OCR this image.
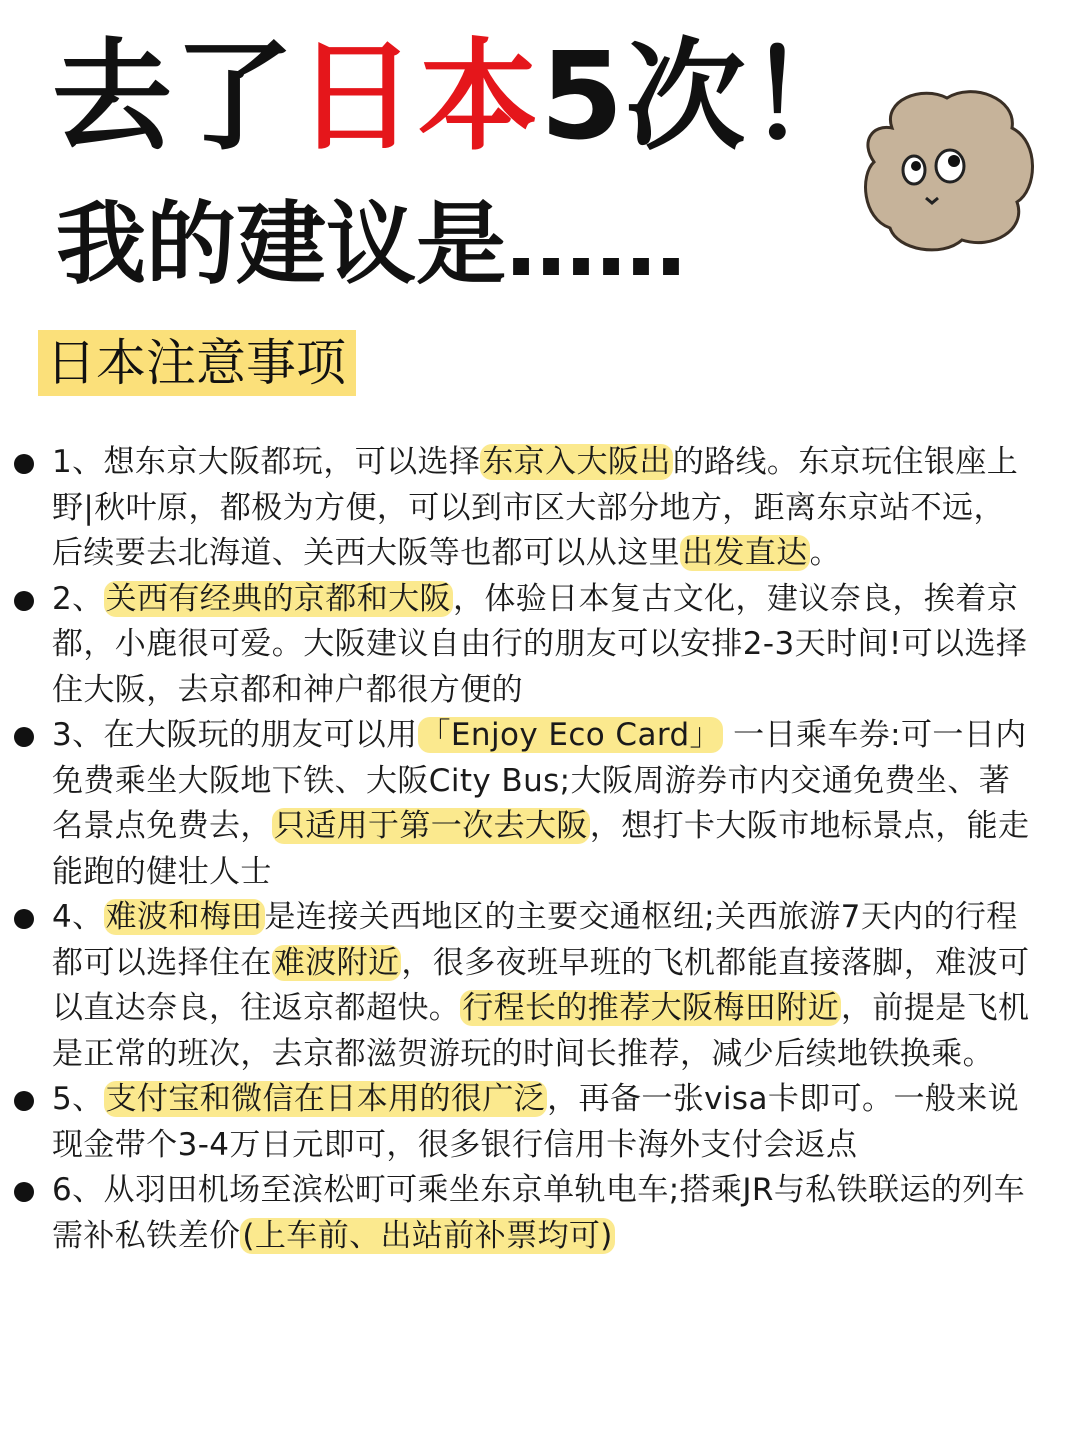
去了日本5次！
我的建议是……
日本注意事项
1、想东京大阪都玩，可以选择东京入大阪出的路线。东京玩住银座上野|秋叶原，都极为方便，可以到市区大部分地方，距离东京站不远，后续要去北海道、关西大阪等也都可以从这里出发直达。
2、关西有经典的京都和大阪，体验日本复古文化，建议奈良，挨着京都，小鹿很可爱。大阪建议自由行的朋友可以安排2-3天时间!可以选择住大阪，去京都和神户都很方便的
3、在大阪玩的朋友可以用「Enjoy Eco Card」 一日乘车券:可一日内免费乘坐大阪地下铁、大阪City Bus;大阪周游券市内交通免费坐、著名景点免费去，只适用于第一次去大阪，想打卡大阪市地标景点，能走能跑的健壮人士
4、难波和梅田是连接关西地区的主要交通枢纽;关西旅游7天内的行程都可以选择住在难波附近，很多夜班早班的飞机都能直接落脚，难波可以直达奈良，往返京都超快。行程长的推荐大阪梅田附近，前提是飞机是正常的班次，去京都滋贺游玩的时间长推荐，减少后续地铁换乘。
5、支付宝和微信在日本用的很广泛，再备一张visa卡即可。一般来说现金带个3-4万日元即可，很多银行信用卡海外支付会返点
6、从羽田机场至滨松町可乘坐东京单轨电车;搭乘JR与私铁联运的列车需补私铁差价(上车前、出站前补票均可)
